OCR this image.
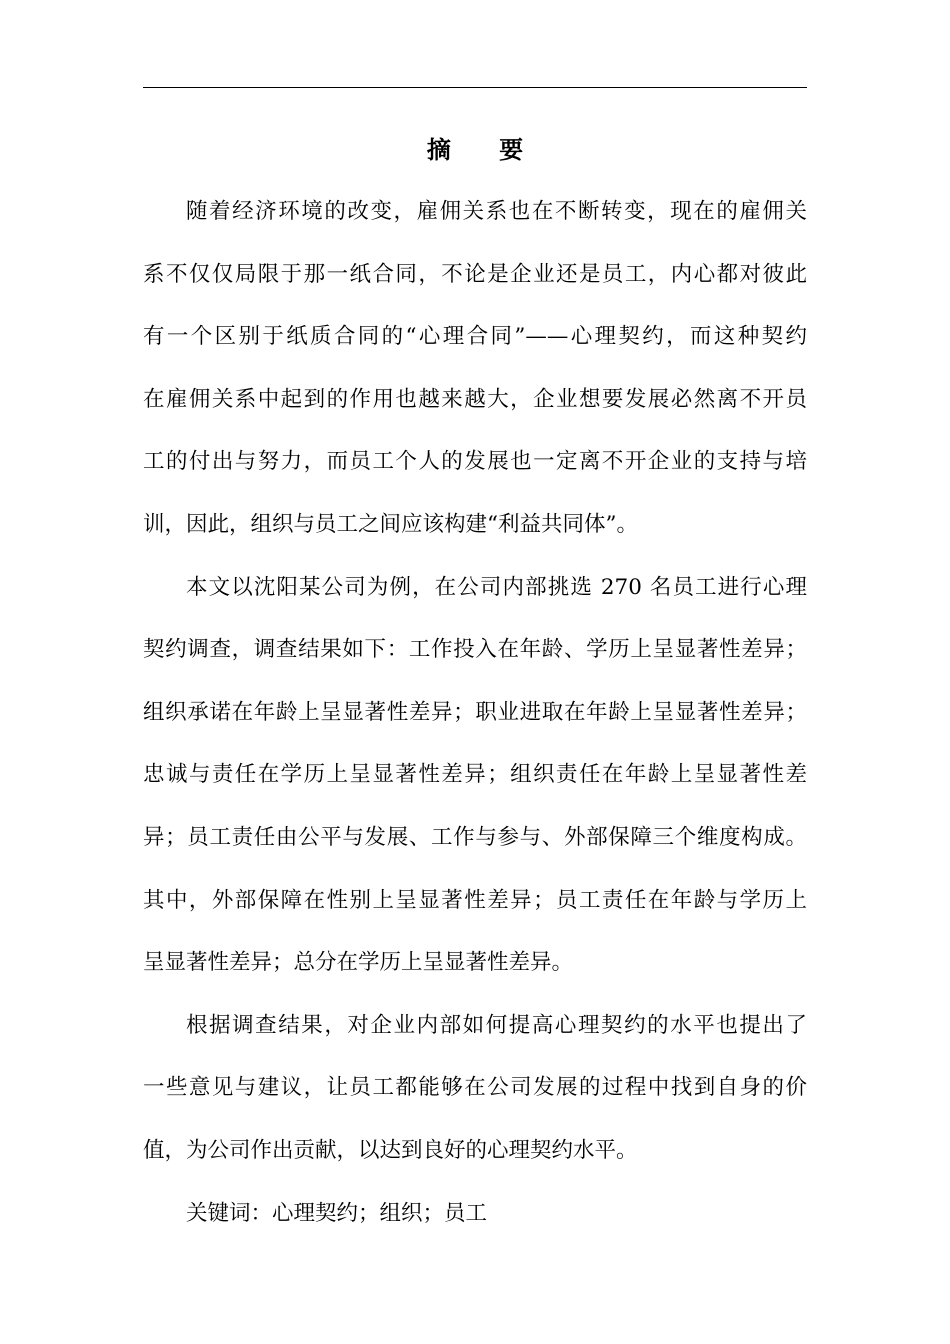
摘 要
随着经济环境的改变，雇佣关系也在不断转变，现在的雇佣关
系不仅仅局限于那一纸合同，不论是企业还是员工，内心都对彼此
有一个区别于纸质合同的“心理合同”——心理契约，而这种契约
在雇佣关系中起到的作用也越来越大，企业想要发展必然离不开员
工的付出与努力，而员工个人的发展也一定离不开企业的支持与培
训，因此，组织与员工之间应该构建“利益共同体”。
本文以沈阳某公司为例，在公司内部挑选 270 名员工进行心理
契约调查，调查结果如下：工作投入在年龄、学历上呈显著性差异；
组织承诺在年龄上呈显著性差异；职业进取在年龄上呈显著性差异；
忠诚与责任在学历上呈显著性差异；组织责任在年龄上呈显著性差
异；员工责任由公平与发展、工作与参与、外部保障三个维度构成。
其中，外部保障在性别上呈显著性差异；员工责任在年龄与学历上
呈显著性差异；总分在学历上呈显著性差异。
根据调查结果，对企业内部如何提高心理契约的水平也提出了
一些意见与建议，让员工都能够在公司发展的过程中找到自身的价
值，为公司作出贡献，以达到良好的心理契约水平。
关键词：心理契约；组织；员工
